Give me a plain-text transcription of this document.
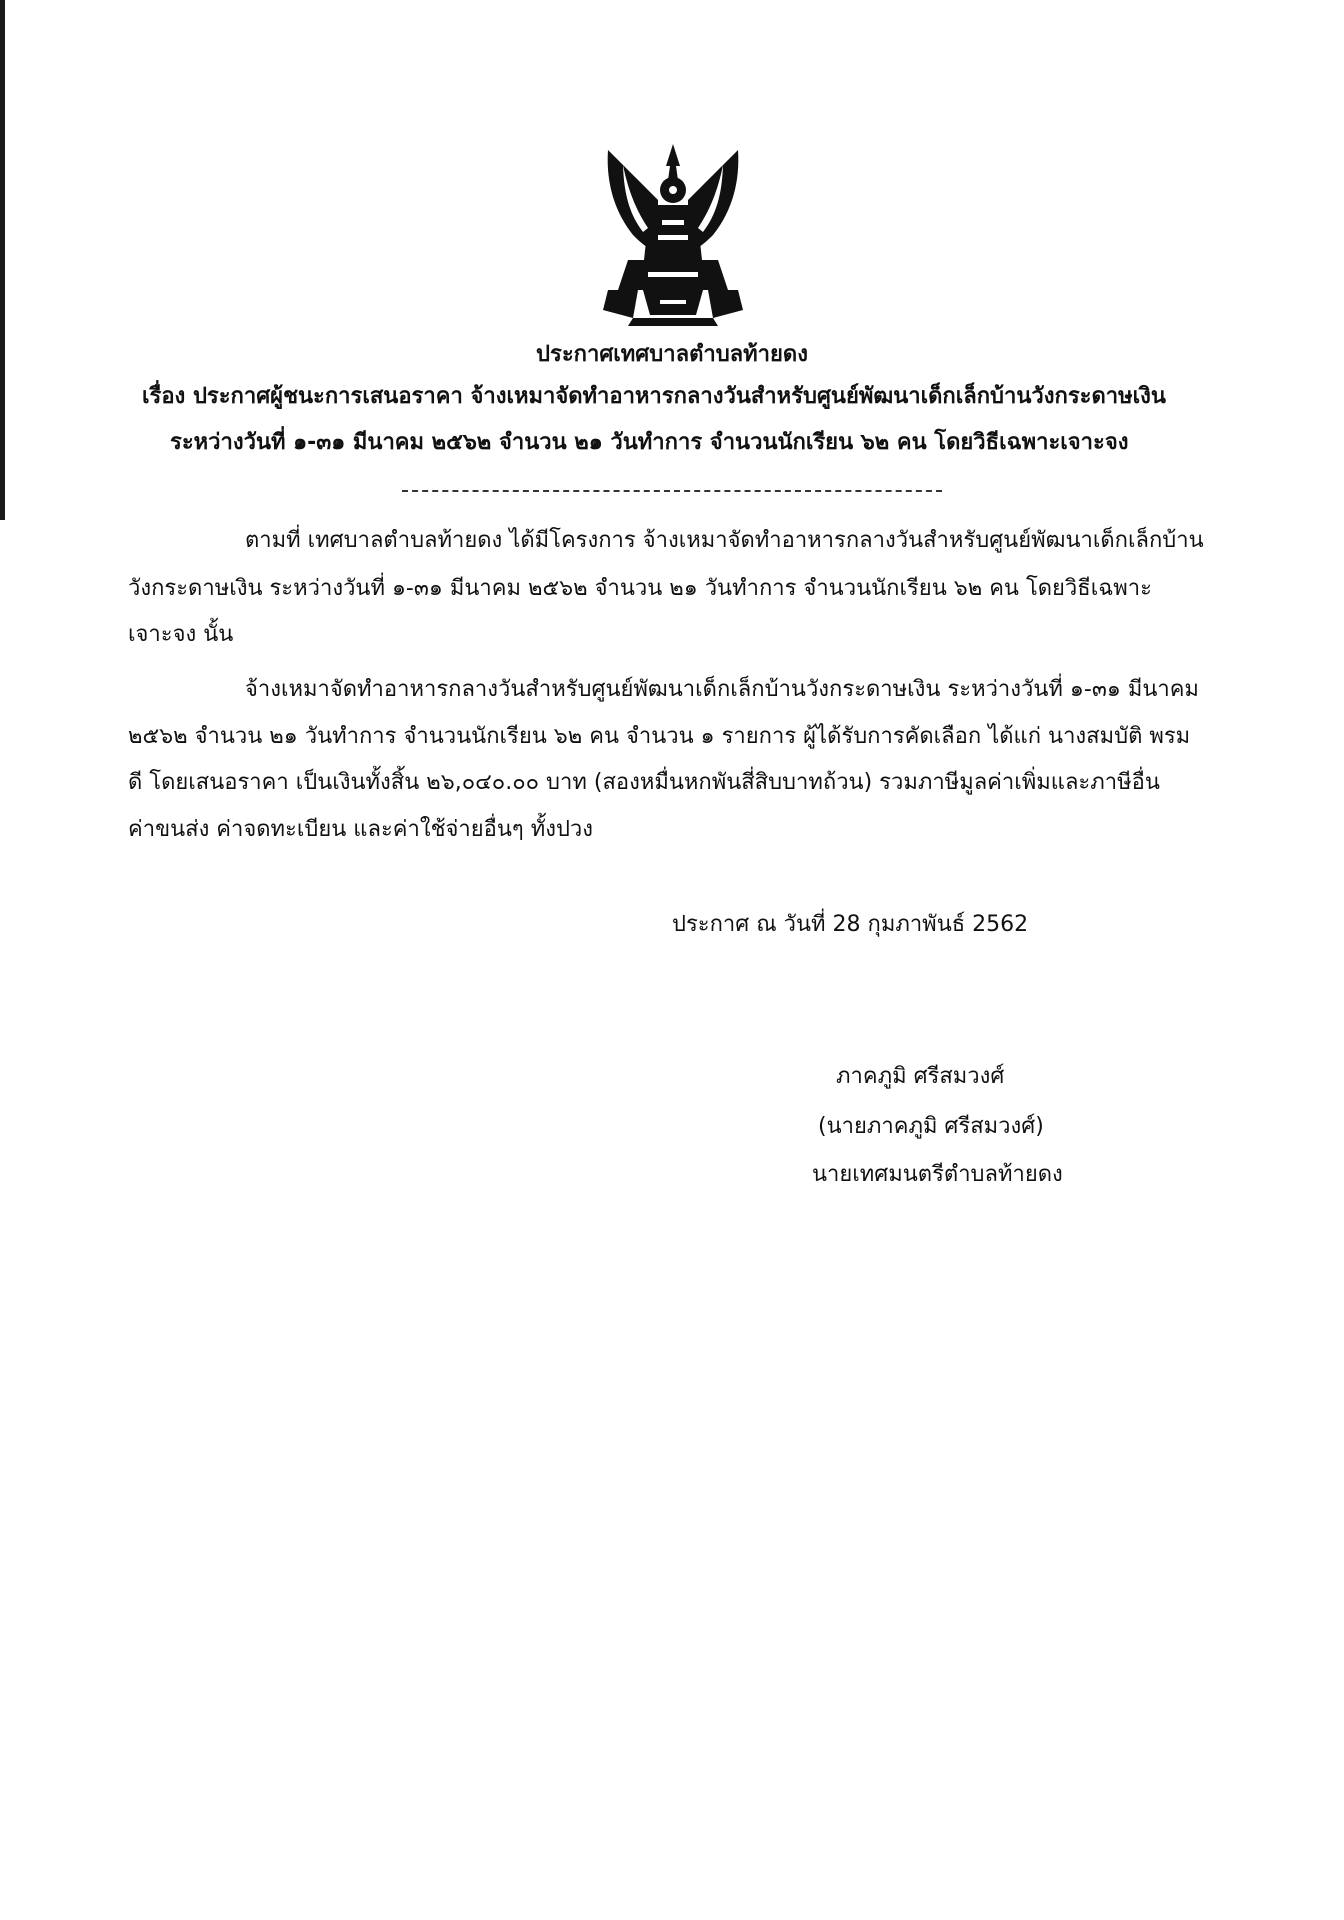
ประกาศเทศบาลตำบลท้ายดง
เรื่อง ประกาศผู้ชนะการเสนอราคา จ้างเหมาจัดทำอาหารกลางวันสำหรับศูนย์พัฒนาเด็กเล็กบ้านวังกระดาษเงิน
ระหว่างวันที่ ๑-๓๑ มีนาคม ๒๕๖๒ จำนวน ๒๑ วันทำการ จำนวนนักเรียน ๖๒ คน โดยวิธีเฉพาะเจาะจง
ตามที่ เทศบาลตำบลท้ายดง ได้มีโครงการ จ้างเหมาจัดทำอาหารกลางวันสำหรับศูนย์พัฒนาเด็กเล็กบ้าน
วังกระดาษเงิน ระหว่างวันที่ ๑-๓๑ มีนาคม ๒๕๖๒ จำนวน ๒๑ วันทำการ จำนวนนักเรียน ๖๒ คน โดยวิธีเฉพาะ
เจาะจง นั้น
จ้างเหมาจัดทำอาหารกลางวันสำหรับศูนย์พัฒนาเด็กเล็กบ้านวังกระดาษเงิน ระหว่างวันที่ ๑-๓๑ มีนาคม
๒๕๖๒ จำนวน ๒๑ วันทำการ จำนวนนักเรียน ๖๒ คน จำนวน ๑ รายการ ผู้ได้รับการคัดเลือก ได้แก่ นางสมบัติ พรม
ดี โดยเสนอราคา เป็นเงินทั้งสิ้น ๒๖,๐๔๐.๐๐ บาท (สองหมื่นหกพันสี่สิบบาทถ้วน) รวมภาษีมูลค่าเพิ่มและภาษีอื่น
ค่าขนส่ง ค่าจดทะเบียน และค่าใช้จ่ายอื่นๆ ทั้งปวง
ประกาศ ณ วันที่ 28 กุมภาพันธ์ 2562
ภาคภูมิ ศรีสมวงศ์
(นายภาคภูมิ ศรีสมวงศ์)
นายเทศมนตรีตำบลท้ายดง
